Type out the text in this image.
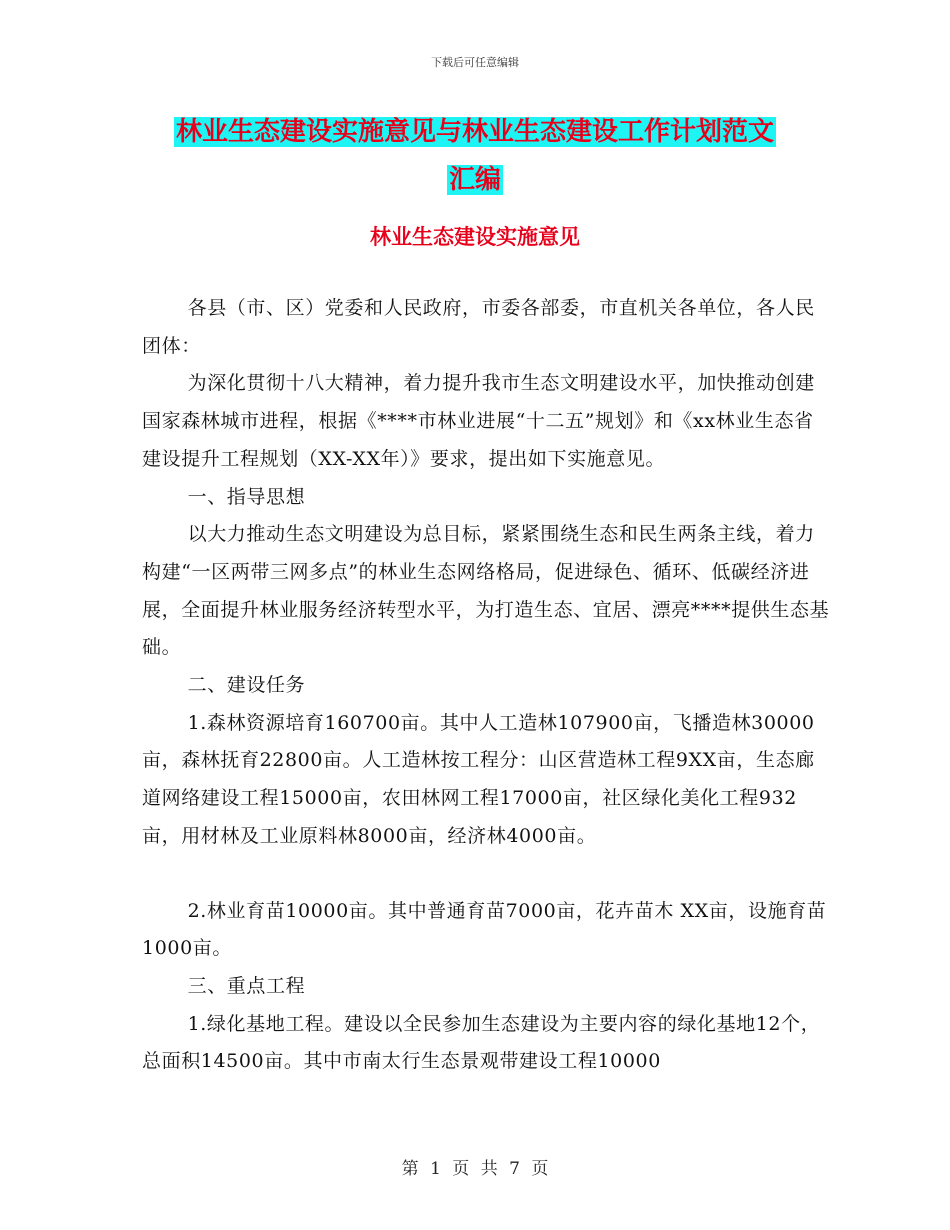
下载后可任意编辑
林业生态建设实施意见与林业生态建设工作计划范文
汇编
林业生态建设实施意见

各县（市、区）党委和人民政府，市委各部委，市直机关各单位，各人民团体：

为深化贯彻十八大精神，着力提升我市生态文明建设水平，加快推动创建国家森林城市进程，根据《****市林业进展“十二五”规划》和《xx林业生态省建设提升工程规划（XX-XX年）》要求，提出如下实施意见。

一、指导思想

以大力推动生态文明建设为总目标，紧紧围绕生态和民生两条主线，着力构建“一区两带三网多点”的林业生态网络格局，促进绿色、循环、低碳经济进展，全面提升林业服务经济转型水平，为打造生态、宜居、漂亮****提供生态基础。

二、建设任务

1.森林资源培育160700亩。其中人工造林107900亩，飞播造林30000亩，森林抚育22800亩。人工造林按工程分：山区营造林工程9XX亩，生态廊道网络建设工程15000亩，农田林网工程17000亩，社区绿化美化工程932亩，用材林及工业原料林8000亩，经济林4000亩。

2.林业育苗10000亩。其中普通育苗7000亩，花卉苗木 XX亩，设施育苗1000亩。

三、重点工程

1.绿化基地工程。建设以全民参加生态建设为主要内容的绿化基地12个，总面积14500亩。其中市南太行生态景观带建设工程10000

第 1 页 共 7 页
